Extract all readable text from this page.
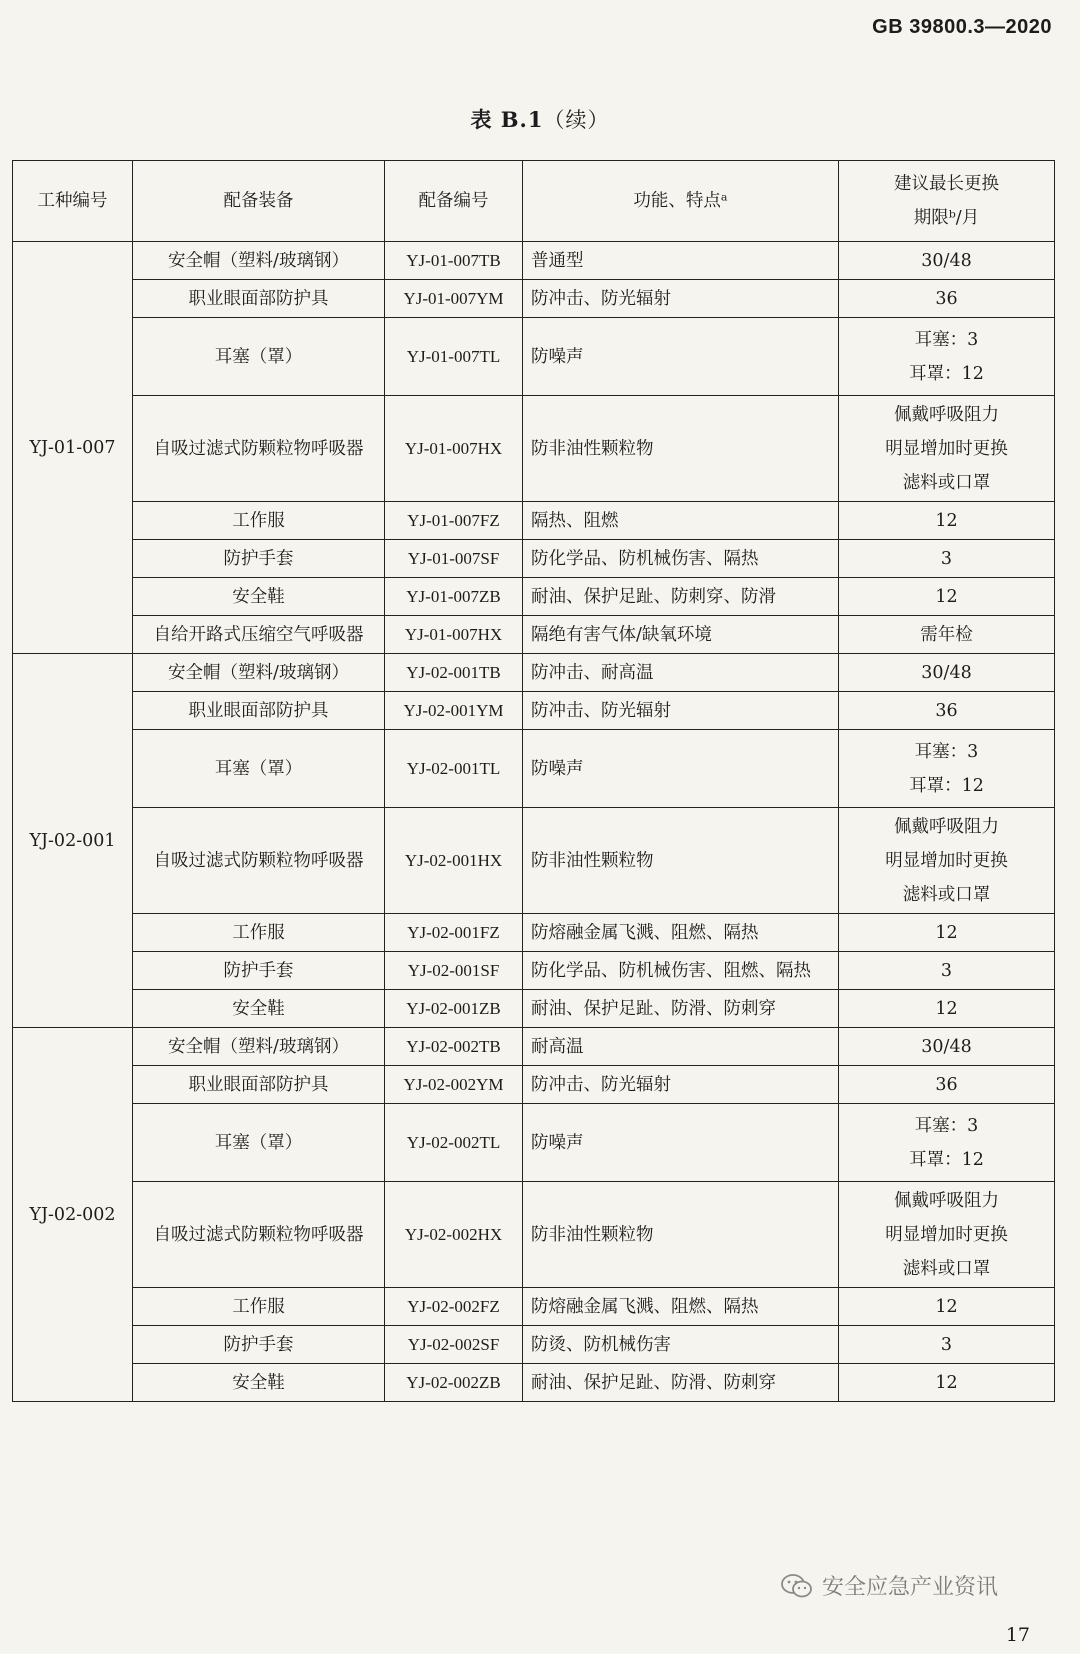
GB 39800.3—2020
表 B.1（续）
工种编号	配备装备	配备编号	功能、特点ᵃ	建议最长更换
期限ᵇ/月

YJ-01-007	安全帽（塑料/玻璃钢）	YJ-01-007TB	普通型	30/48

	职业眼面部防护具	YJ-01-007YM	防冲击、防光辐射	36

	耳塞（罩）	YJ-01-007TL	防噪声	耳塞：3
耳罩：12

	自吸过滤式防颗粒物呼吸器	YJ-01-007HX	防非油性颗粒物	佩戴呼吸阻力
明显增加时更换
滤料或口罩

	工作服	YJ-01-007FZ	隔热、阻燃	12

	防护手套	YJ-01-007SF	防化学品、防机械伤害、隔热	3

	安全鞋	YJ-01-007ZB	耐油、保护足趾、防刺穿、防滑	12

	自给开路式压缩空气呼吸器	YJ-01-007HX	隔绝有害气体/缺氧环境	需年检

YJ-02-001	安全帽（塑料/玻璃钢）	YJ-02-001TB	防冲击、耐高温	30/48

	职业眼面部防护具	YJ-02-001YM	防冲击、防光辐射	36

	耳塞（罩）	YJ-02-001TL	防噪声	耳塞：3
耳罩：12

	自吸过滤式防颗粒物呼吸器	YJ-02-001HX	防非油性颗粒物	佩戴呼吸阻力
明显增加时更换
滤料或口罩

	工作服	YJ-02-001FZ	防熔融金属飞溅、阻燃、隔热	12

	防护手套	YJ-02-001SF	防化学品、防机械伤害、阻燃、隔热	3

	安全鞋	YJ-02-001ZB	耐油、保护足趾、防滑、防刺穿	12

YJ-02-002	安全帽（塑料/玻璃钢）	YJ-02-002TB	耐高温	30/48

	职业眼面部防护具	YJ-02-002YM	防冲击、防光辐射	36

	耳塞（罩）	YJ-02-002TL	防噪声	耳塞：3
耳罩：12

	自吸过滤式防颗粒物呼吸器	YJ-02-002HX	防非油性颗粒物	佩戴呼吸阻力
明显增加时更换
滤料或口罩

	工作服	YJ-02-002FZ	防熔融金属飞溅、阻燃、隔热	12

	防护手套	YJ-02-002SF	防烫、防机械伤害	3

	安全鞋	YJ-02-002ZB	耐油、保护足趾、防滑、防刺穿	12
安全应急产业资讯
17
